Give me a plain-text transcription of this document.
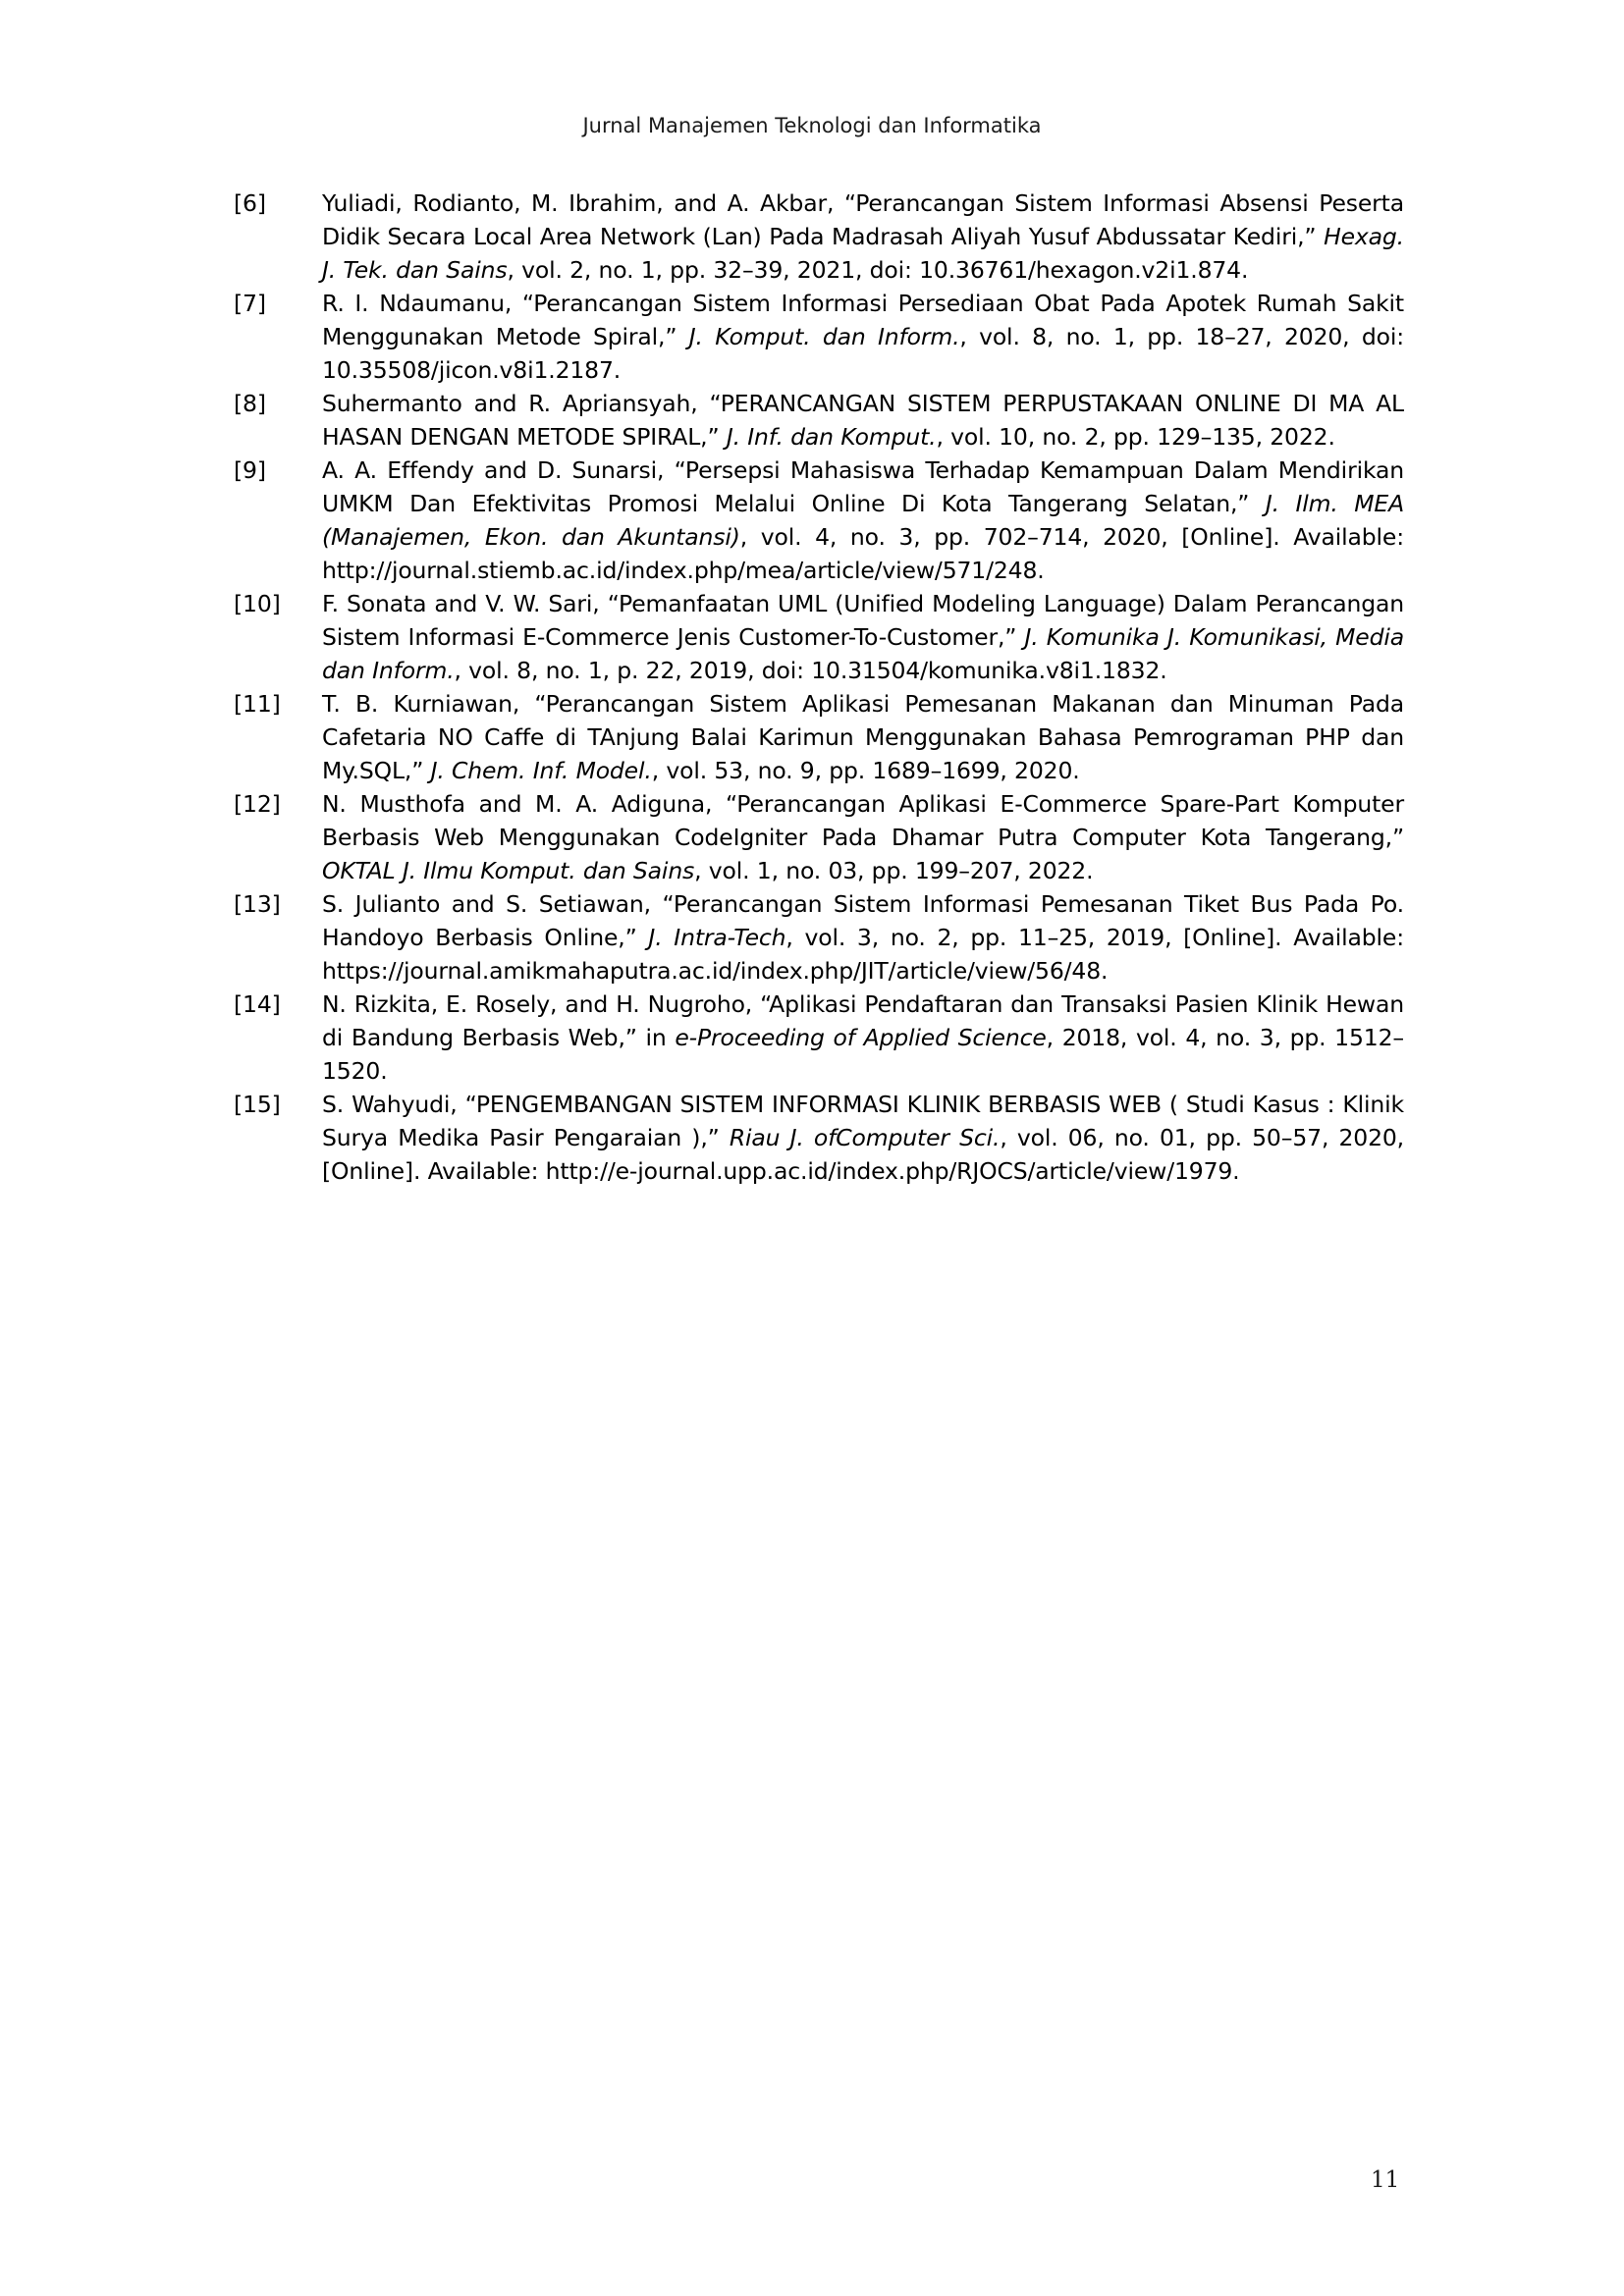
Jurnal Manajemen Teknologi dan Informatika
[6]	Yuliadi, Rodianto, M. Ibrahim, and A. Akbar, “Perancangan Sistem Informasi Absensi Peserta Didik Secara Local Area Network (Lan) Pada Madrasah Aliyah Yusuf Abdussatar Kediri,” Hexag. J. Tek. dan Sains, vol. 2, no. 1, pp. 32–39, 2021, doi: 10.36761/hexagon.v2i1.874.
[7]	R. I. Ndaumanu, “Perancangan Sistem Informasi Persediaan Obat Pada Apotek Rumah Sakit Menggunakan Metode Spiral,” J. Komput. dan Inform., vol. 8, no. 1, pp. 18–27, 2020, doi: 10.35508/jicon.v8i1.2187.
[8]	Suhermanto and R. Apriansyah, “PERANCANGAN SISTEM PERPUSTAKAAN ONLINE DI MA AL HASAN DENGAN METODE SPIRAL,” J. Inf. dan Komput., vol. 10, no. 2, pp. 129–135, 2022.
[9]	A. A. Effendy and D. Sunarsi, “Persepsi Mahasiswa Terhadap Kemampuan Dalam Mendirikan UMKM Dan Efektivitas Promosi Melalui Online Di Kota Tangerang Selatan,” J. Ilm. MEA (Manajemen, Ekon. dan Akuntansi), vol. 4, no. 3, pp. 702–714, 2020, [Online]. Available: http://journal.stiemb.ac.id/index.php/mea/article/view/571/248.
[10]	F. Sonata and V. W. Sari, “Pemanfaatan UML (Unified Modeling Language) Dalam Perancangan Sistem Informasi E-Commerce Jenis Customer-To-Customer,” J. Komunika J. Komunikasi, Media dan Inform., vol. 8, no. 1, p. 22, 2019, doi: 10.31504/komunika.v8i1.1832.
[11]	T. B. Kurniawan, “Perancangan Sistem Aplikasi Pemesanan Makanan dan Minuman Pada Cafetaria NO Caffe di TAnjung Balai Karimun Menggunakan Bahasa Pemrograman PHP dan My.SQL,” J. Chem. Inf. Model., vol. 53, no. 9, pp. 1689–1699, 2020.
[12]	N. Musthofa and M. A. Adiguna, “Perancangan Aplikasi E-Commerce Spare-Part Komputer Berbasis Web Menggunakan CodeIgniter Pada Dhamar Putra Computer Kota Tangerang,” OKTAL J. Ilmu Komput. dan Sains, vol. 1, no. 03, pp. 199–207, 2022.
[13]	S. Julianto and S. Setiawan, “Perancangan Sistem Informasi Pemesanan Tiket Bus Pada Po. Handoyo Berbasis Online,” J. Intra-Tech, vol. 3, no. 2, pp. 11–25, 2019, [Online]. Available: https://journal.amikmahaputra.ac.id/index.php/JIT/article/view/56/48.
[14]	N. Rizkita, E. Rosely, and H. Nugroho, “Aplikasi Pendaftaran dan Transaksi Pasien Klinik Hewan di Bandung Berbasis Web,” in e-Proceeding of Applied Science, 2018, vol. 4, no. 3, pp. 1512–1520.
[15]	S. Wahyudi, “PENGEMBANGAN SISTEM INFORMASI KLINIK BERBASIS WEB ( Studi Kasus : Klinik Surya Medika Pasir Pengaraian ),” Riau J. ofComputer Sci., vol. 06, no. 01, pp. 50–57, 2020, [Online]. Available: http://e-journal.upp.ac.id/index.php/RJOCS/article/view/1979.
11
